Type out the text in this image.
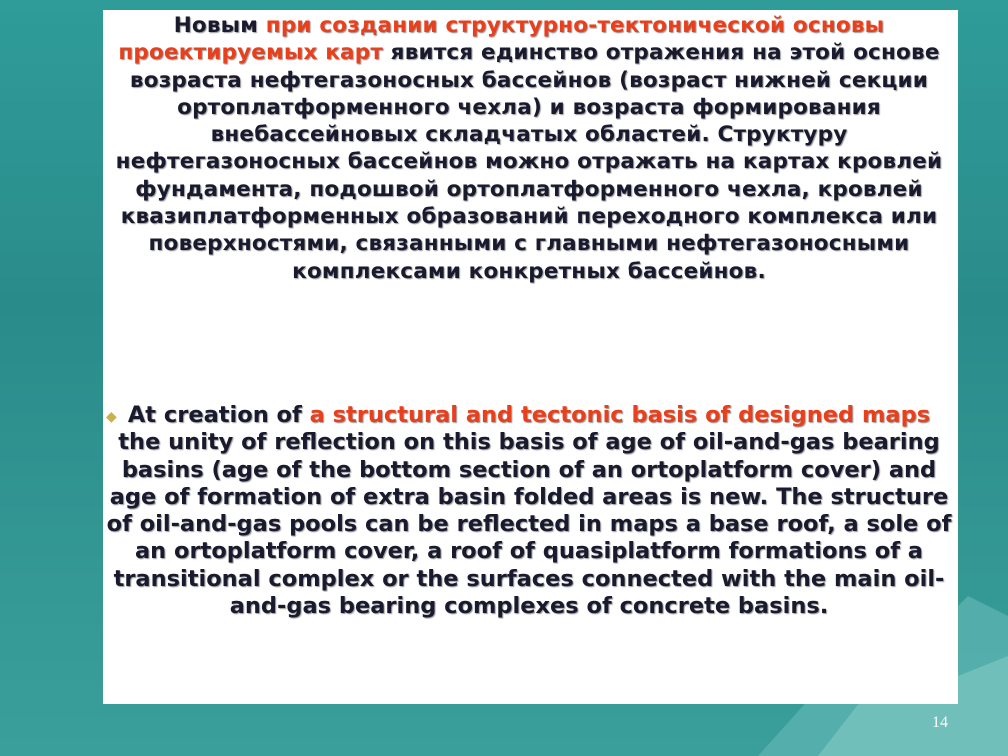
Новым при создании структурно-тектонической основы проектируемых карт явится единство отражения на этой основе возраста нефтегазоносных бассейнов (возраст нижней секции ортоплатформенного чехла) и возраста формирования внебассейновых складчатых областей. Структуру нефтегазоносных бассейнов можно отражать на картах кровлей фундамента, подошвой ортоплатформенного чехла, кровлей квазиплатформенных образований переходного комплекса или поверхностями, связанными с главными нефтегазоносными комплексами конкретных бассейнов.

◆ At creation of a structural and tectonic basis of designed maps the unity of reflection on this basis of age of oil-and-gas bearing basins (age of the bottom section of an ortoplatform cover) and age of formation of extra basin folded areas is new. The structure of oil-and-gas pools can be reflected in maps a base roof, a sole of an ortoplatform cover, a roof of quasiplatform formations of a transitional complex or the surfaces connected with the main oil-and-gas bearing complexes of concrete basins.

14
